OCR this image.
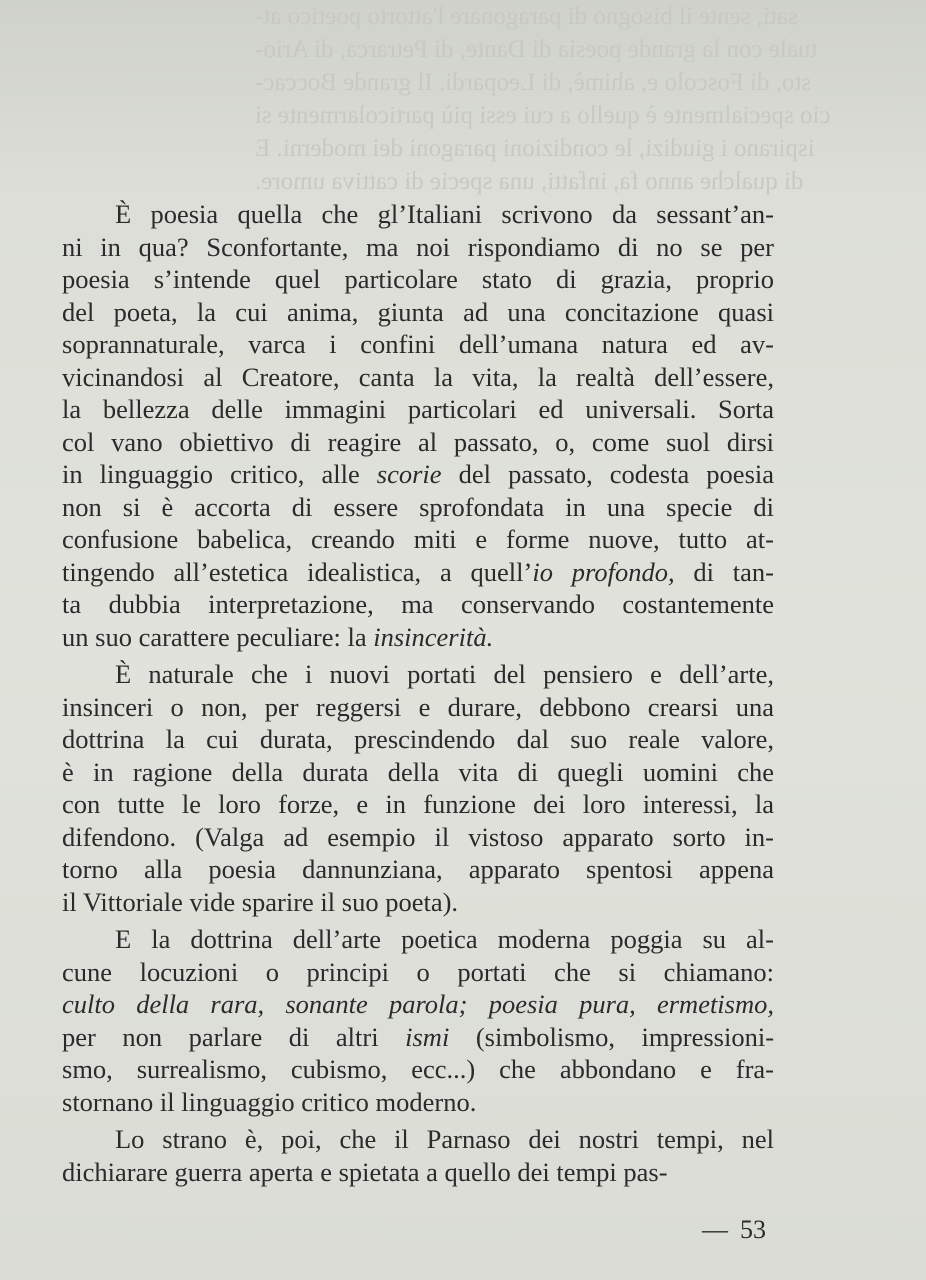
sati, sente il bisogno di paragonare l'attorto poetico at-
tuale con la grande poesia di Dante, di Petrarca, di Ario-
sto, di Foscolo e, ahimè, di Leopardi. Il grande Boccac-
cio specialmente è quello a cui essi più particolarmente si
ispirano i giudizi, le condizioni paragoni dei moderni. E
di qualche anno fa, infatti, una specie di cattiva umore.
È poesia quella che gl’Italiani scrivono da sessant’an-
ni in qua? Sconfortante, ma noi rispondiamo di no se per
poesia s’intende quel particolare stato di grazia, proprio
del poeta, la cui anima, giunta ad una concitazione quasi
soprannaturale, varca i confini dell’umana natura ed av-
vicinandosi al Creatore, canta la vita, la realtà dell’essere,
la bellezza delle immagini particolari ed universali. Sorta
col vano obiettivo di reagire al passato, o, come suol dirsi
in linguaggio critico, alle scorie del passato, codesta poesia
non si è accorta di essere sprofondata in una specie di
confusione babelica, creando miti e forme nuove, tutto at-
tingendo all’estetica idealistica, a quell’io profondo, di tan-
ta dubbia interpretazione, ma conservando costantemente
un suo carattere peculiare: la insincerità.
È naturale che i nuovi portati del pensiero e dell’arte,
insinceri o non, per reggersi e durare, debbono crearsi una
dottrina la cui durata, prescindendo dal suo reale valore,
è in ragione della durata della vita di quegli uomini che
con tutte le loro forze, e in funzione dei loro interessi, la
difendono. (Valga ad esempio il vistoso apparato sorto in-
torno alla poesia dannunziana, apparato spentosi appena
il Vittoriale vide sparire il suo poeta).
E la dottrina dell’arte poetica moderna poggia su al-
cune locuzioni o principi o portati che si chiamano:
culto della rara, sonante parola; poesia pura, ermetismo,
per non parlare di altri ismi (simbolismo, impressioni-
smo, surrealismo, cubismo, ecc...) che abbondano e fra-
stornano il linguaggio critico moderno.
Lo strano è, poi, che il Parnaso dei nostri tempi, nel
dichiarare guerra aperta e spietata a quello dei tempi pas-
— 53
